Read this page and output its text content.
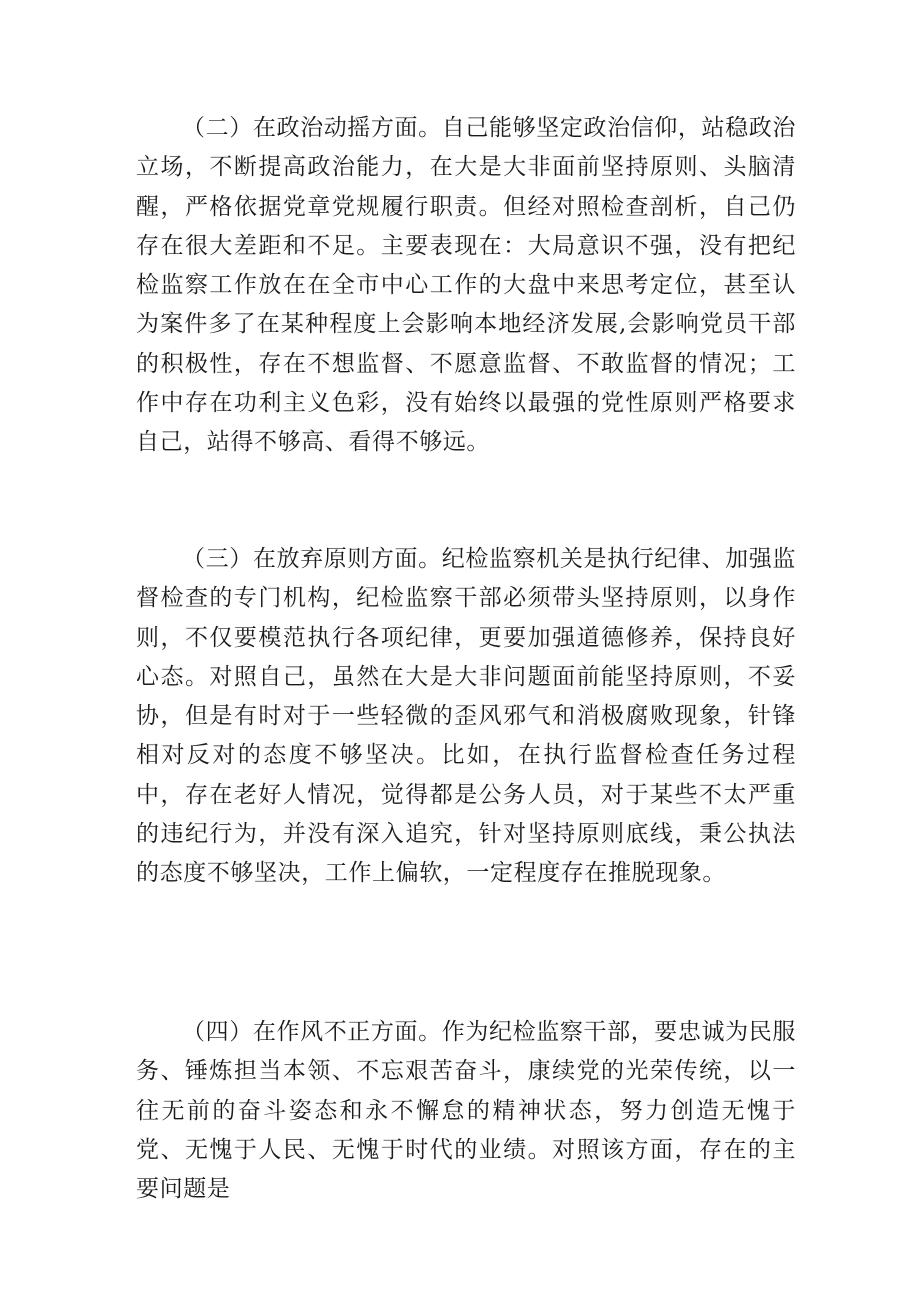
（二）在政治动摇方面。自己能够坚定政治信仰，站稳政治立场，不断提高政治能力，在大是大非面前坚持原则、头脑清醒，严格依据党章党规履行职责。但经对照检查剖析，自己仍存在很大差距和不足。主要表现在：大局意识不强，没有把纪检监察工作放在在全市中心工作的大盘中来思考定位，甚至认为案件多了在某种程度上会影响本地经济发展,会影响党员干部的积极性，存在不想监督、不愿意监督、不敢监督的情况；工作中存在功利主义色彩，没有始终以最强的党性原则严格要求自己，站得不够高、看得不够远。

（三）在放弃原则方面。纪检监察机关是执行纪律、加强监督检查的专门机构，纪检监察干部必须带头坚持原则，以身作则，不仅要模范执行各项纪律，更要加强道德修养，保持良好心态。对照自己，虽然在大是大非问题面前能坚持原则，不妥协，但是有时对于一些轻微的歪风邪气和消极腐败现象，针锋相对反对的态度不够坚决。比如，在执行监督检查任务过程中，存在老好人情况，觉得都是公务人员，对于某些不太严重的违纪行为，并没有深入追究，针对坚持原则底线，秉公执法的态度不够坚决，工作上偏软，一定程度存在推脱现象。

（四）在作风不正方面。作为纪检监察干部，要忠诚为民服务、锤炼担当本领、不忘艰苦奋斗，康续党的光荣传统，以一往无前的奋斗姿态和永不懈怠的精神状态，努力创造无愧于党、无愧于人民、无愧于时代的业绩。对照该方面，存在的主要问题是
